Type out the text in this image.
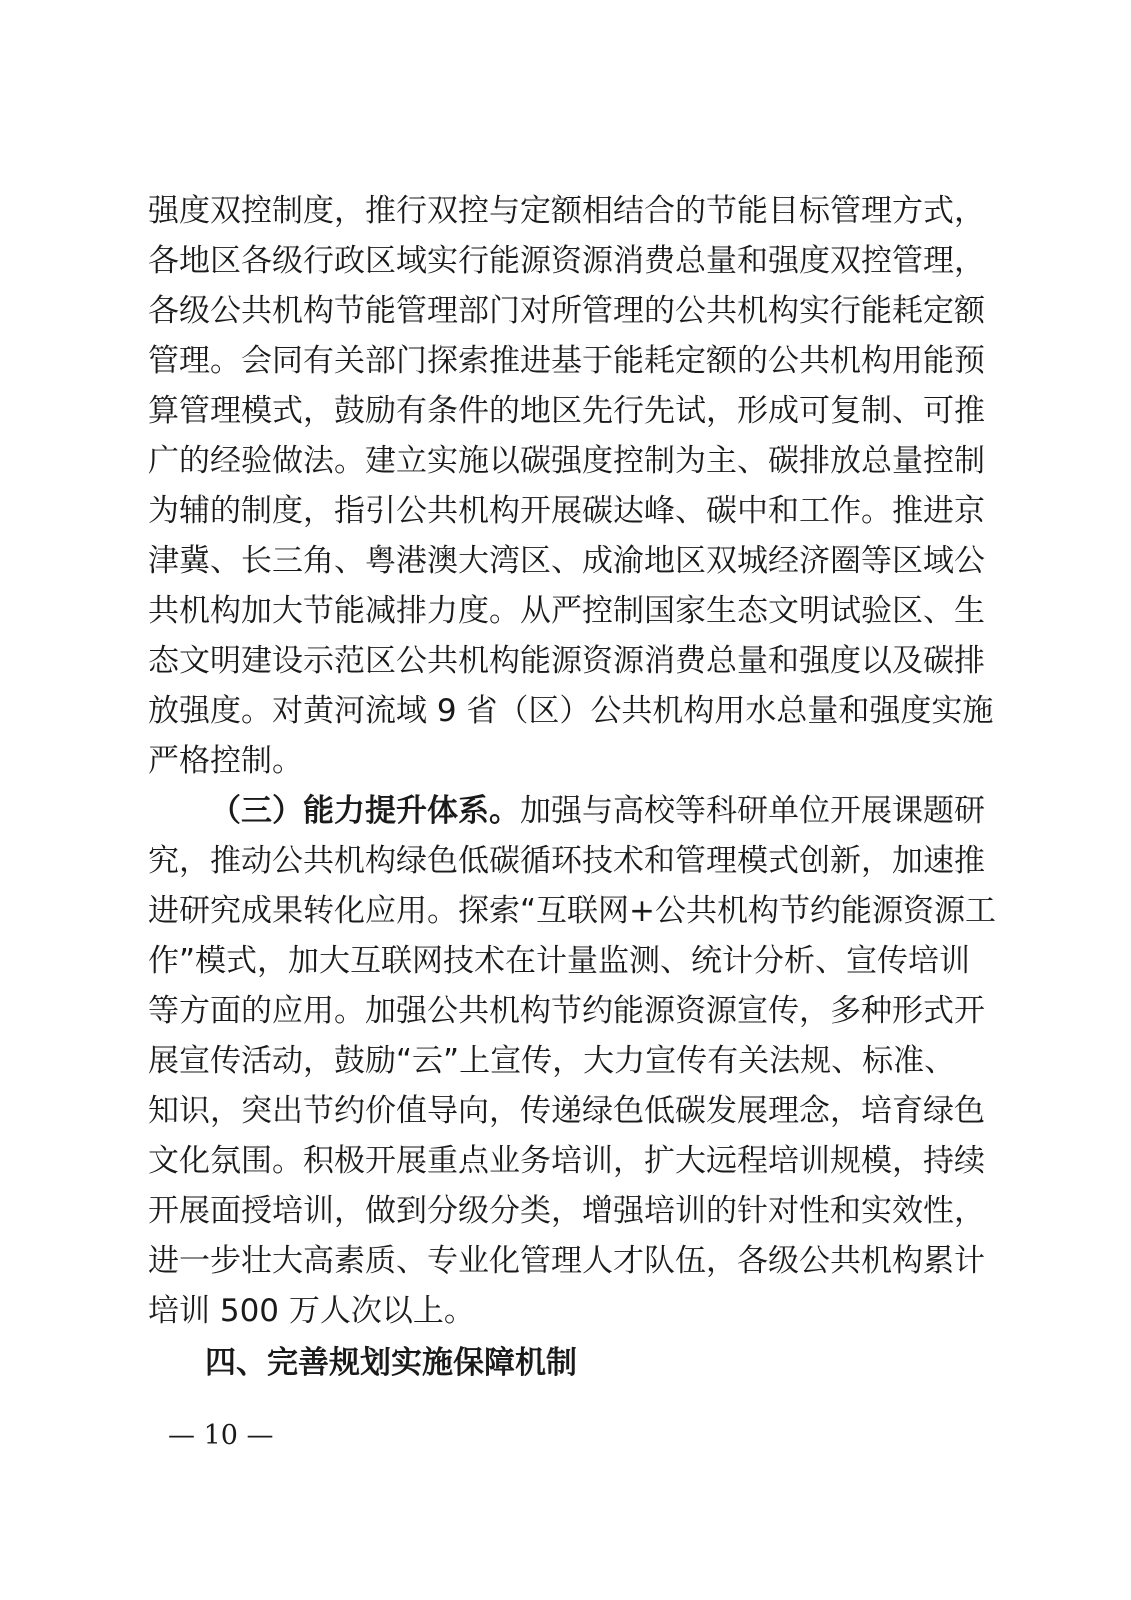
强度双控制度，推行双控与定额相结合的节能目标管理方式，
各地区各级行政区域实行能源资源消费总量和强度双控管理，
各级公共机构节能管理部门对所管理的公共机构实行能耗定额
管理。会同有关部门探索推进基于能耗定额的公共机构用能预
算管理模式，鼓励有条件的地区先行先试，形成可复制、可推
广的经验做法。建立实施以碳强度控制为主、碳排放总量控制
为辅的制度，指引公共机构开展碳达峰、碳中和工作。推进京
津冀、长三角、粤港澳大湾区、成渝地区双城经济圈等区域公
共机构加大节能减排力度。从严控制国家生态文明试验区、生
态文明建设示范区公共机构能源资源消费总量和强度以及碳排
放强度。对黄河流域 9 省（区）公共机构用水总量和强度实施
严格控制。
（三）能力提升体系。 加强与高校等科研单位开展课题研
究，推动公共机构绿色低碳循环技术和管理模式创新，加速推
进研究成果转化应用。探索“互联网+公共机构节约能源资源工
作”模式，加大互联网技术在计量监测、统计分析、宣传培训
等方面的应用。加强公共机构节约能源资源宣传，多种形式开
展宣传活动，鼓励“云”上宣传，大力宣传有关法规、标准、
知识，突出节约价值导向，传递绿色低碳发展理念，培育绿色
文化氛围。积极开展重点业务培训，扩大远程培训规模，持续
开展面授培训，做到分级分类，增强培训的针对性和实效性，
进一步壮大高素质、专业化管理人才队伍，各级公共机构累计
培训 500 万人次以上。
四、完善规划实施保障机制
— 10 —
